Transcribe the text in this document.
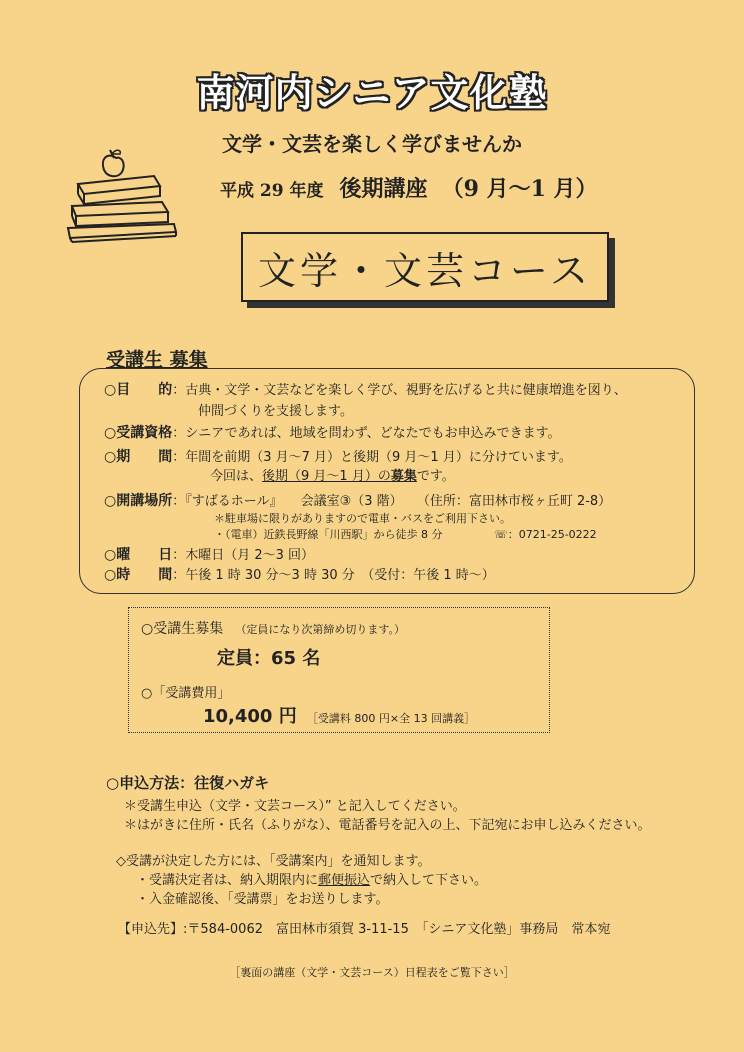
南河内シニア文化塾
文学・文芸を楽しく学びませんか
平成 29 年度 後期講座 （9 月～1 月）
文学・文芸コース
受講生 募集
○目　　的：古典・文学・文芸などを楽しく学び、視野を広げると共に健康増進を図り、
仲間づくりを支援します。
○受講資格：シニアであれば、地域を問わず、どなたでもお申込みできます。
○期　　間：年間を前期（3 月～7 月）と後期（9 月～1 月）に分けています。
今回は、後期（9 月～1 月）の募集です。
○開講場所：『すばるホール』 会議室③（3 階） （住所：富田林市桜ヶ丘町 2-8）
＊駐車場に限りがありますので電車・バスをご利用下さい。
・（電車）近鉄長野線「川西駅」から徒歩 8 分	☏：0721-25-0222
○曜　　日：木曜日（月 2～3 回）
○時　　間：午後 1 時 30 分～3 時 30 分　（受付：午後 1 時～）
○受講生募集 （定員になり次第締め切ります。）
定員：65 名
○「受講費用」
10,400 円 ［受講料 800 円×全 13 回講義］
○申込方法：往復ハガキ
＊受講生申込（文学・文芸コース）” と記入してください。
＊はがきに住所・氏名（ふりがな）、電話番号を記入の上、下記宛にお申し込みください。
◇受講が決定した方には、「受講案内」を通知します。
・受講決定者は、納入期限内に郵便振込で納入して下さい。
・入金確認後、「受講票」をお送りします。
【申込先】:〒584-0062　富田林市須賀 3-11-15　「シニア文化塾」事務局　常本宛
［裏面の講座（文学・文芸コース）日程表をご覧下さい］
